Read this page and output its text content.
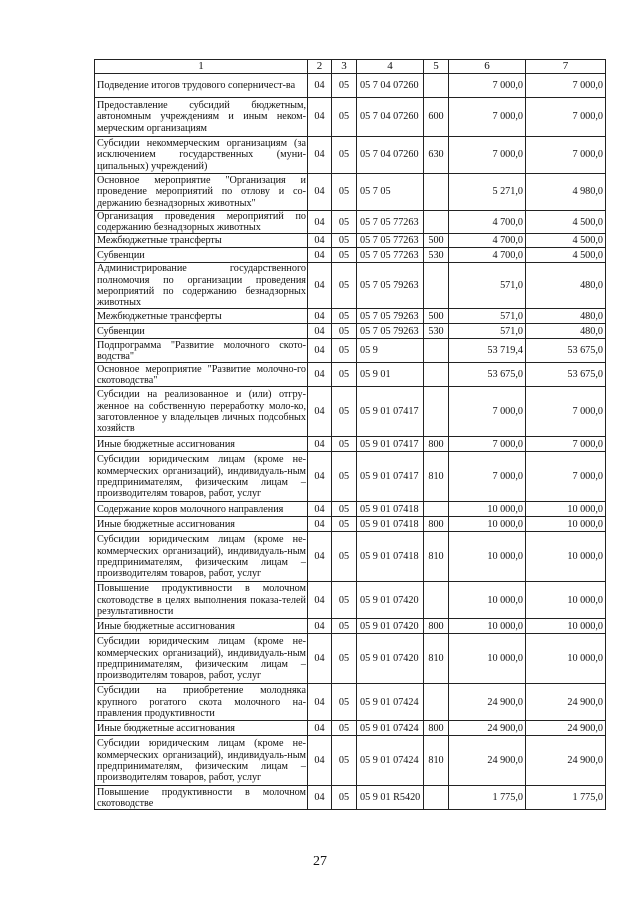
1	2	3	4	5	6	7
Подведение итогов трудового соперничест-ва	04	05	05 7 04 07260		7 000,0	7 000,0
Предоставление субсидий бюджетным, автономным учреждениям и иным неком-мерческим организациям	04	05	05 7 04 07260	600	7 000,0	7 000,0
Субсидии некоммерческим организациям (за исключением государственных (муни-ципальных) учреждений)	04	05	05 7 04 07260	630	7 000,0	7 000,0
Основное мероприятие "Организация и проведение мероприятий по отлову и со-держанию безнадзорных животных"	04	05	05 7 05		5 271,0	4 980,0
Организация проведения мероприятий по содержанию безнадзорных животных	04	05	05 7 05 77263		4 700,0	4 500,0
Межбюджетные трансферты	04	05	05 7 05 77263	500	4 700,0	4 500,0
Субвенции	04	05	05 7 05 77263	530	4 700,0	4 500,0
Администрирование государственного полномочия по организации проведения мероприятий по содержанию безнадзорных животных	04	05	05 7 05 79263		571,0	480,0
Межбюджетные трансферты	04	05	05 7 05 79263	500	571,0	480,0
Субвенции	04	05	05 7 05 79263	530	571,0	480,0
Подпрограмма "Развитие молочного ското-водства"	04	05	05 9		53 719,4	53 675,0
Основное мероприятие "Развитие молочно-го скотоводства"	04	05	05 9 01		53 675,0	53 675,0
Субсидии на реализованное и (или) отгру-женное на собственную переработку моло-ко, заготовленное у владельцев личных подсобных хозяйств	04	05	05 9 01 07417		7 000,0	7 000,0
Иные бюджетные ассигнования	04	05	05 9 01 07417	800	7 000,0	7 000,0
Субсидии юридическим лицам (кроме не-коммерческих организаций), индивидуаль-ным предпринимателям, физическим лицам – производителям товаров, работ, услуг	04	05	05 9 01 07417	810	7 000,0	7 000,0
Содержание коров молочного направления	04	05	05 9 01 07418		10 000,0	10 000,0
Иные бюджетные ассигнования	04	05	05 9 01 07418	800	10 000,0	10 000,0
Субсидии юридическим лицам (кроме не-коммерческих организаций), индивидуаль-ным предпринимателям, физическим лицам – производителям товаров, работ, услуг	04	05	05 9 01 07418	810	10 000,0	10 000,0
Повышение продуктивности в молочном скотоводстве в целях выполнения показа-телей результативности	04	05	05 9 01 07420		10 000,0	10 000,0
Иные бюджетные ассигнования	04	05	05 9 01 07420	800	10 000,0	10 000,0
Субсидии юридическим лицам (кроме не-коммерческих организаций), индивидуаль-ным предпринимателям, физическим лицам – производителям товаров, работ, услуг	04	05	05 9 01 07420	810	10 000,0	10 000,0
Субсидии на приобретение молодняка крупного рогатого скота молочного на-правления продуктивности	04	05	05 9 01 07424		24 900,0	24 900,0
Иные бюджетные ассигнования	04	05	05 9 01 07424	800	24 900,0	24 900,0
Субсидии юридическим лицам (кроме не-коммерческих организаций), индивидуаль-ным предпринимателям, физическим лицам – производителям товаров, работ, услуг	04	05	05 9 01 07424	810	24 900,0	24 900,0
Повышение продуктивности в молочном скотоводстве	04	05	05 9 01 R5420		1 775,0	1 775,0
27
